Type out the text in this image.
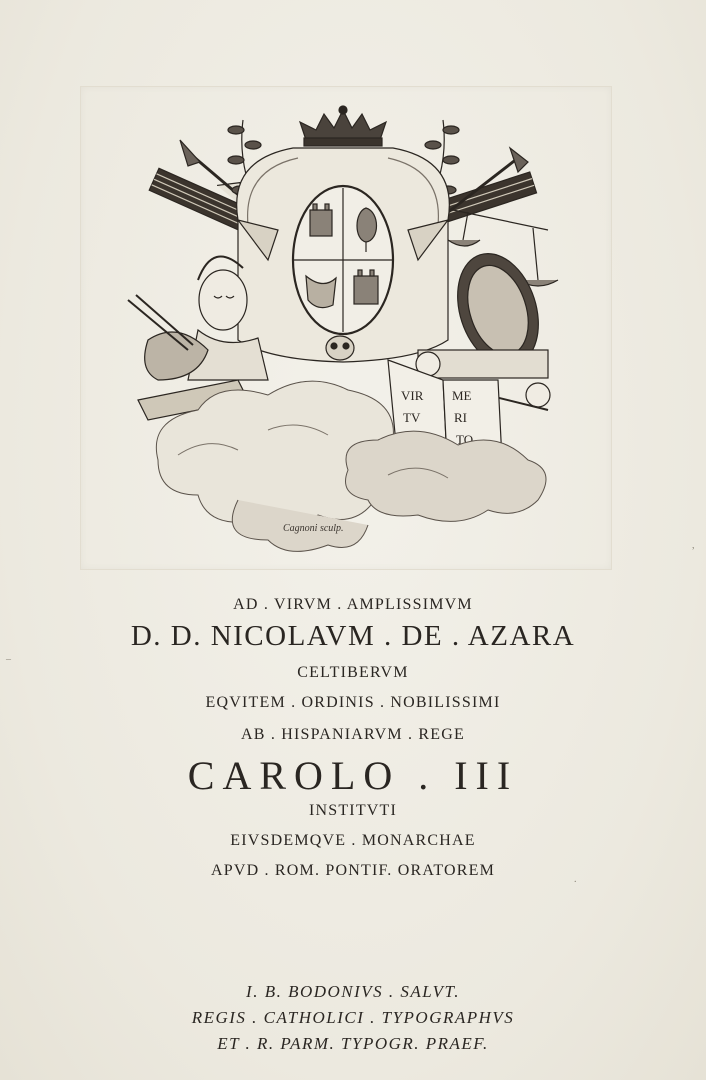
VIR
TV
ME
RI
TO
Cagnoni sculp.
AD . VIRVM . AMPLISSIMVM
D. D. NICOLAVM . DE . AZARA
CELTIBERVM
EQVITEM . ORDINIS . NOBILISSIMI
AB . HISPANIARVM . REGE
CAROLO . III
INSTITVTI
EIVSDEMQVE . MONARCHAE
APVD . ROM. PONTIF. ORATOREM
I. B. BODONIVS . SALVT.
REGIS . CATHOLICI . TYPOGRAPHVS
ET . R. PARM. TYPOGR. PRAEF.
–
.
,
